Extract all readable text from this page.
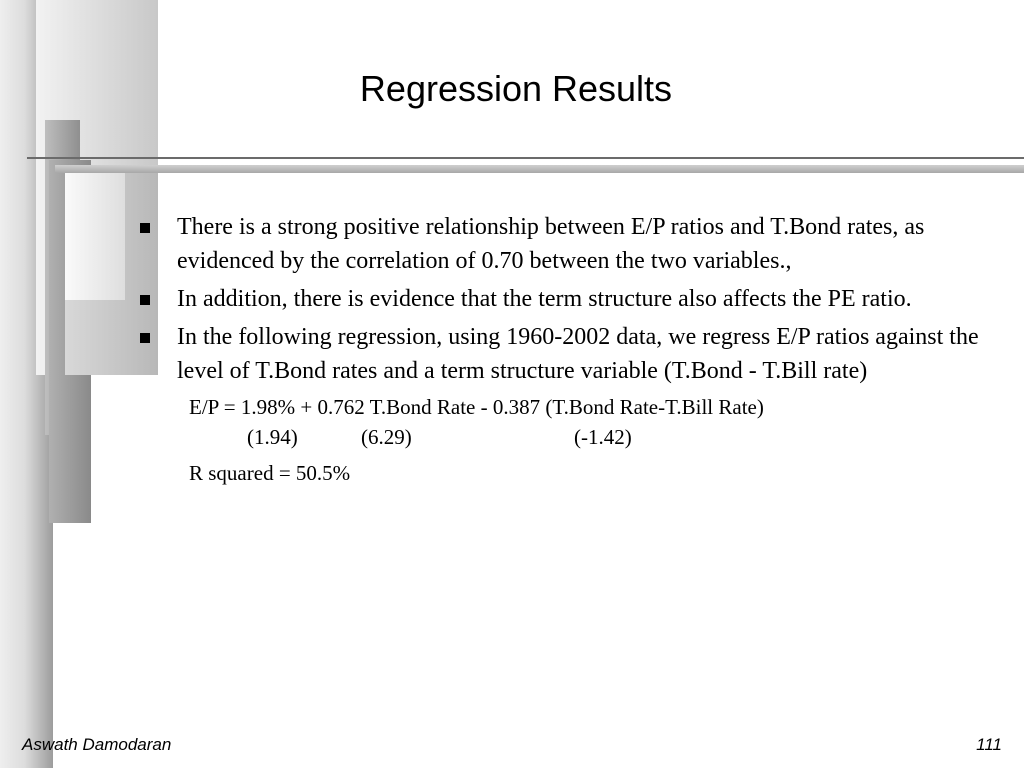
Regression Results
There is a strong positive relationship between E/P ratios and T.Bond rates, as evidenced by the correlation of 0.70 between the two variables.,
In addition, there is evidence that the term structure also affects the PE ratio.
In the following regression, using 1960-2002 data, we regress E/P ratios against the level of T.Bond rates and a term structure variable (T.Bond - T.Bill rate)
E/P = 1.98% + 0.762 T.Bond Rate - 0.387 (T.Bond Rate-T.Bill Rate)
(1.94)	(6.29)	(-1.42)
R squared = 50.5%
Aswath Damodaran	111
